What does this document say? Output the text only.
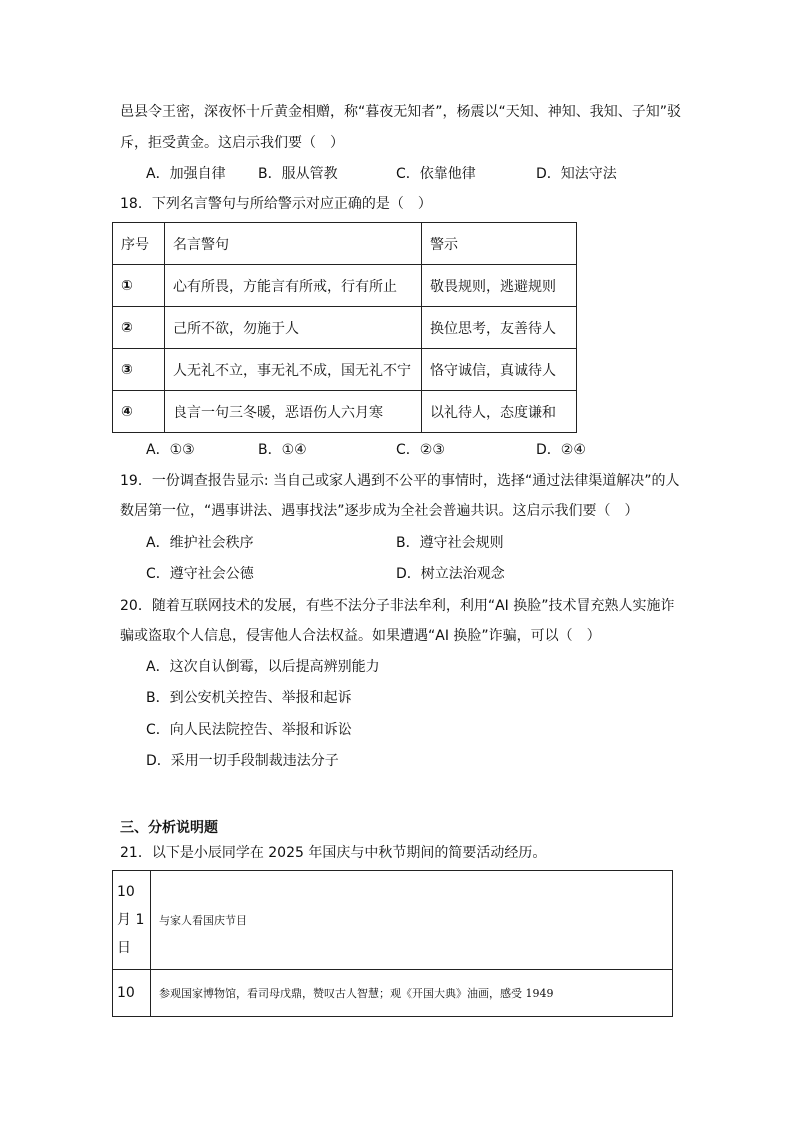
邑县令王密，深夜怀十斤黄金相赠，称“暮夜无知者”，杨震以“天知、神知、我知、子知”驳
斥，拒受黄金。这启示我们要（　）
A．加强自律 B．服从管教	C．依靠他律	D．知法守法
18．下列名言警句与所给警示对应正确的是（　）
序号	名言警句	警示
①	心有所畏，方能言有所戒，行有所止	敬畏规则，逃避规则
②	己所不欲，勿施于人	换位思考，友善待人
③	人无礼不立，事无礼不成，国无礼不宁	恪守诚信，真诚待人
④	良言一句三冬暖，恶语伤人六月寒	以礼待人，态度谦和
A．①③	B．①④	C．②③	D．②④
19．一份调查报告显示: 当自己或家人遇到不公平的事情时，选择“通过法律渠道解决”的人
数居第一位，“遇事讲法、遇事找法”逐步成为全社会普遍共识。这启示我们要（　）
A．维护社会秩序	B．遵守社会规则
C．遵守社会公德	D．树立法治观念
20．随着互联网技术的发展，有些不法分子非法牟利，利用“AI 换脸”技术冒充熟人实施诈
骗或盗取个人信息，侵害他人合法权益。如果遭遇“AI 换脸”诈骗，可以（　）
A．这次自认倒霉，以后提高辨别能力
B．到公安机关控告、举报和起诉
C．向人民法院控告、举报和诉讼
D．采用一切手段制裁违法分子
三、分析说明题
21．以下是小辰同学在 2025 年国庆与中秋节期间的简要活动经历。
10
月 1
日	与家人看国庆节目

10	参观国家博物馆，看司母戊鼎，赞叹古人智慧；观《开国大典》油画，感受 1949
